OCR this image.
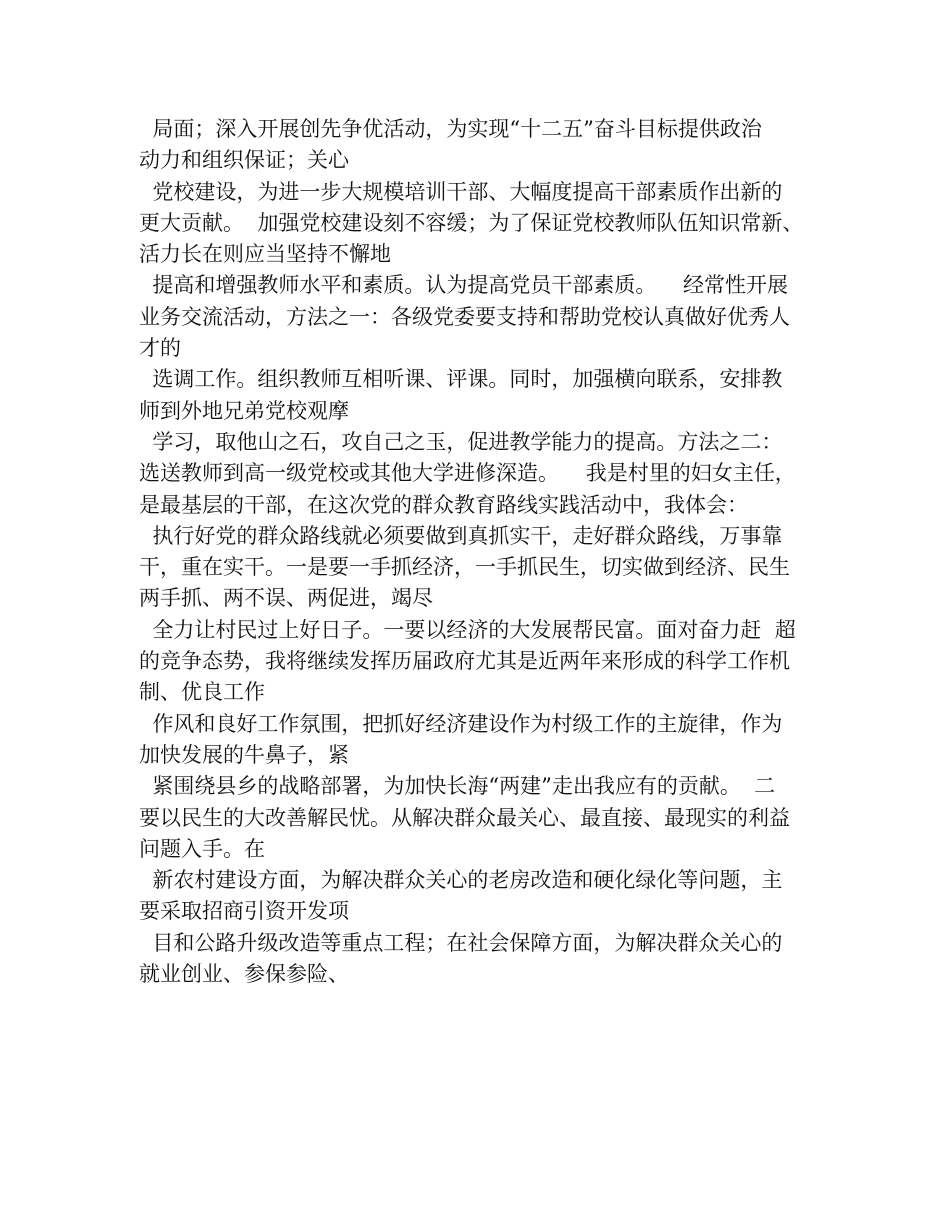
局面；深入开展创先争优活动，为实现“十二五”奋斗目标提供政治
动力和组织保证；关心
党校建设，为进一步大规模培训干部、大幅度提高干部素质作出新的
更大贡献。  加强党校建设刻不容缓；为了保证党校教师队伍知识常新、
活力长在则应当坚持不懈地
提高和增强教师水平和素质。认为提高党员干部素质。    经常性开展
业务交流活动，方法之一：各级党委要支持和帮助党校认真做好优秀人
才的
选调工作。组织教师互相听课、评课。同时，加强横向联系，安排教
师到外地兄弟党校观摩
学习，取他山之石，攻自己之玉，促进教学能力的提高。方法之二：
选送教师到高一级党校或其他大学进修深造。    我是村里的妇女主任，
是最基层的干部，在这次党的群众教育路线实践活动中，我体会：
执行好党的群众路线就必须要做到真抓实干，走好群众路线，万事靠
干，重在实干。一是要一手抓经济，一手抓民生，切实做到经济、民生
两手抓、两不误、两促进，竭尽
全力让村民过上好日子。一要以经济的大发展帮民富。面对奋力赶  超
的竞争态势，我将继续发挥历届政府尤其是近两年来形成的科学工作机
制、优良工作
作风和良好工作氛围，把抓好经济建设作为村级工作的主旋律，作为
加快发展的牛鼻子，紧
紧围绕县乡的战略部署，为加快长海“两建”走出我应有的贡献。  二
要以民生的大改善解民忧。从解决群众最关心、最直接、最现实的利益
问题入手。在
新农村建设方面，为解决群众关心的老房改造和硬化绿化等问题，主
要采取招商引资开发项
目和公路升级改造等重点工程；在社会保障方面，为解决群众关心的
就业创业、参保参险、
